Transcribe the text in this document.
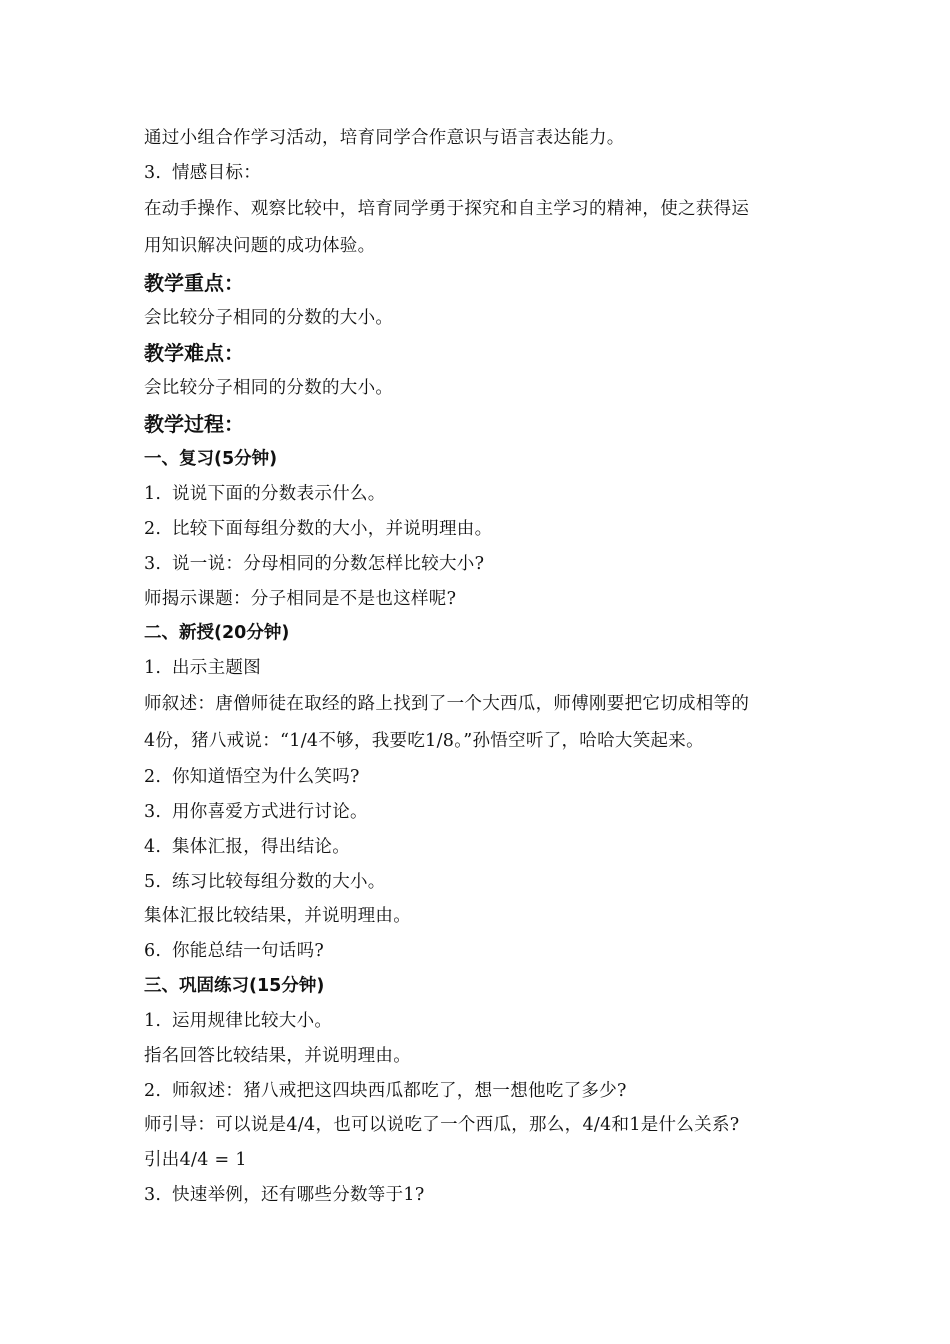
通过小组合作学习活动，培育同学合作意识与语言表达能力。
3. 情感目标：
在动手操作、观察比较中，培育同学勇于探究和自主学习的精神，使之获得运
用知识解决问题的成功体验。
教学重点：
会比较分子相同的分数的大小。
教学难点：
会比较分子相同的分数的大小。
教学过程：
一、复习(5分钟)
1. 说说下面的分数表示什么。
2. 比较下面每组分数的大小，并说明理由。
3. 说一说：分母相同的分数怎样比较大小?
师揭示课题：分子相同是不是也这样呢?
二、新授(20分钟)
1. 出示主题图
师叙述：唐僧师徒在取经的路上找到了一个大西瓜，师傅刚要把它切成相等的
4份，猪八戒说：“1/4不够，我要吃1/8。”孙悟空听了，哈哈大笑起来。
2. 你知道悟空为什么笑吗?
3. 用你喜爱方式进行讨论。
4. 集体汇报，得出结论。
5. 练习比较每组分数的大小。
集体汇报比较结果，并说明理由。
6. 你能总结一句话吗?
三、巩固练习(15分钟)
1. 运用规律比较大小。
指名回答比较结果，并说明理由。
2. 师叙述：猪八戒把这四块西瓜都吃了，想一想他吃了多少?
师引导：可以说是4/4，也可以说吃了一个西瓜，那么，4/4和1是什么关系?
引出4/4 = 1
3. 快速举例，还有哪些分数等于1?
